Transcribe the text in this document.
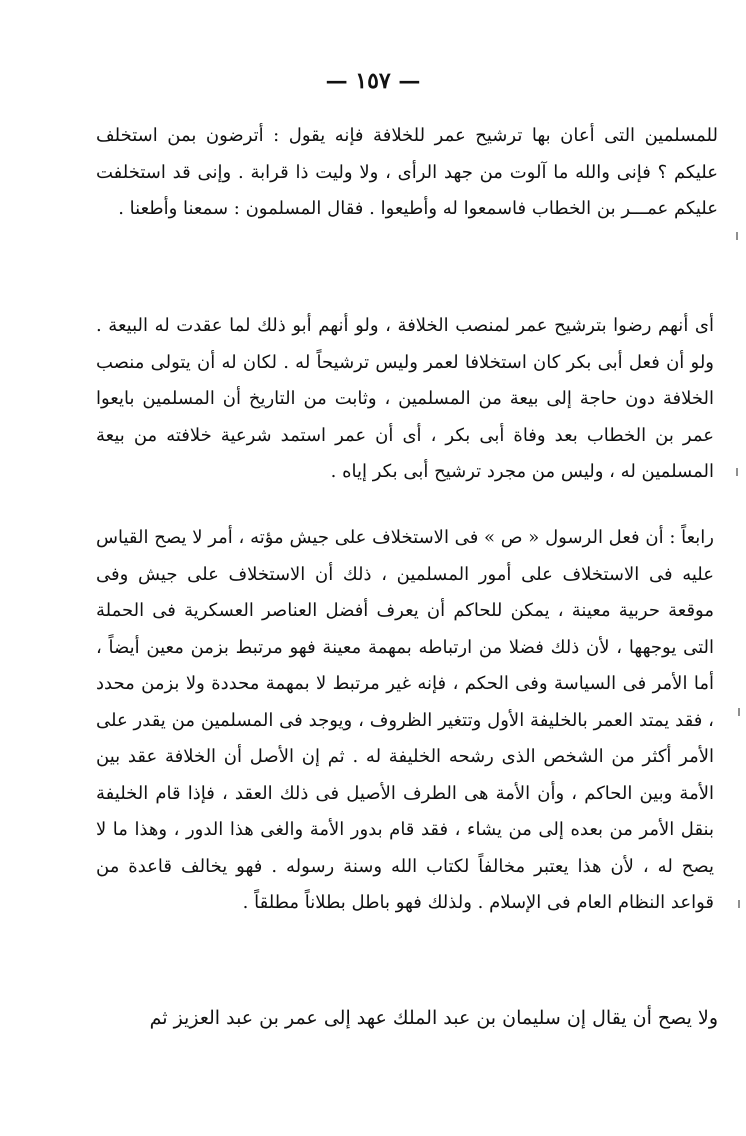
— ١٥٧ —

للمسلمين التى أعان بها ترشيح عمر للخلافة فإنه يقول : أترضون بمن استخلف عليكم ؟ فإنى والله ما آلوت من جهد الرأى ، ولا وليت ذا قرابة . وإنى قد استخلفت عليكم عمـــر بن الخطاب فاسمعوا له وأطيعوا . فقال المسلمون : سمعنا وأطعنا .

أى أنهم رضوا بترشيح عمر لمنصب الخلافة ، ولو أنهم أبو ذلك لما عقدت له البيعة . ولو أن فعل أبى بكر كان استخلافا لعمر وليس ترشيحاً له . لكان له أن يتولى منصب الخلافة دون حاجة إلى بيعة من المسلمين ، وثابت من التاريخ أن المسلمين بايعوا عمر بن الخطاب بعد وفاة أبى بكر ، أى أن عمر استمد شرعية خلافته من بيعة المسلمين له ، وليس من مجرد ترشيح أبى بكر إياه .

رابعاً : أن فعل الرسول « ص » فى الاستخلاف على جيش مؤته ، أمر لا يصح القياس عليه فى الاستخلاف على أمور المسلمين ، ذلك أن الاستخلاف على جيش وفى موقعة حربية معينة ، يمكن للحاكم أن يعرف أفضل العناصر العسكرية فى الحملة التى يوجهها ، لأن ذلك فضلا من ارتباطه بمهمة معينة فهو مرتبط بزمن معين أيضاً ، أما الأمر فى السياسة وفى الحكم ، فإنه غير مرتبط لا بمهمة محددة ولا بزمن محدد ، فقد يمتد العمر بالخليفة الأول وتتغير الظروف ، ويوجد فى المسلمين من يقدر على الأمر أكثر من الشخص الذى رشحه الخليفة له . ثم إن الأصل أن الخلافة عقد بين الأمة وبين الحاكم ، وأن الأمة هى الطرف الأصيل فى ذلك العقد ، فإذا قام الخليفة بنقل الأمر من بعده إلى من يشاء ، فقد قام بدور الأمة والغى هذا الدور ، وهذا ما لا يصح له ، لأن هذا يعتبر مخالفاً لكتاب الله وسنة رسوله . فهو يخالف قاعدة من قواعد النظام العام فى الإسلام . ولذلك فهو باطل بطلاناً مطلقاً .

ولا يصح أن يقال إن سليمان بن عبد الملك عهد إلى عمر بن عبد العزيز ثم
